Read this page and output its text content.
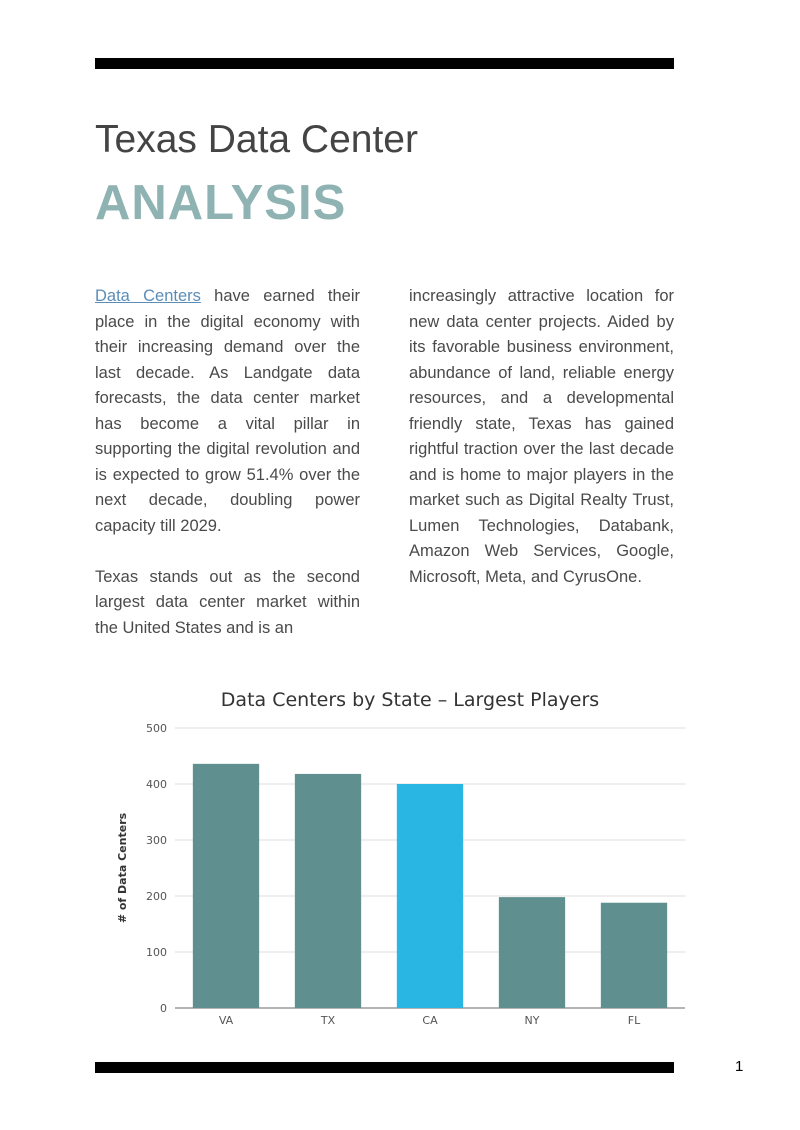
Texas Data Center
ANALYSIS

Data Centers have earned their place in the digital economy with their increasing demand over the last decade. As Landgate data forecasts, the data center market has become a vital pillar in supporting the digital revolution and is expected to grow 51.4% over the next decade, doubling power capacity till 2029.

Texas stands out as the second largest data center market within the United States and is an

increasingly attractive location for new data center projects. Aided by its favorable business environment, abundance of land, reliable energy resources, and a developmental friendly state, Texas has gained rightful traction over the last decade and is home to major players in the market such as Digital Realty Trust, Lumen Technologies, Databank, Amazon Web Services, Google, Microsoft, Meta, and CyrusOne.

Data Centers by State – Largest Players
0
100
200
300
400
500
# of Data Centers
VA	TX	CA	NY	FL
1
